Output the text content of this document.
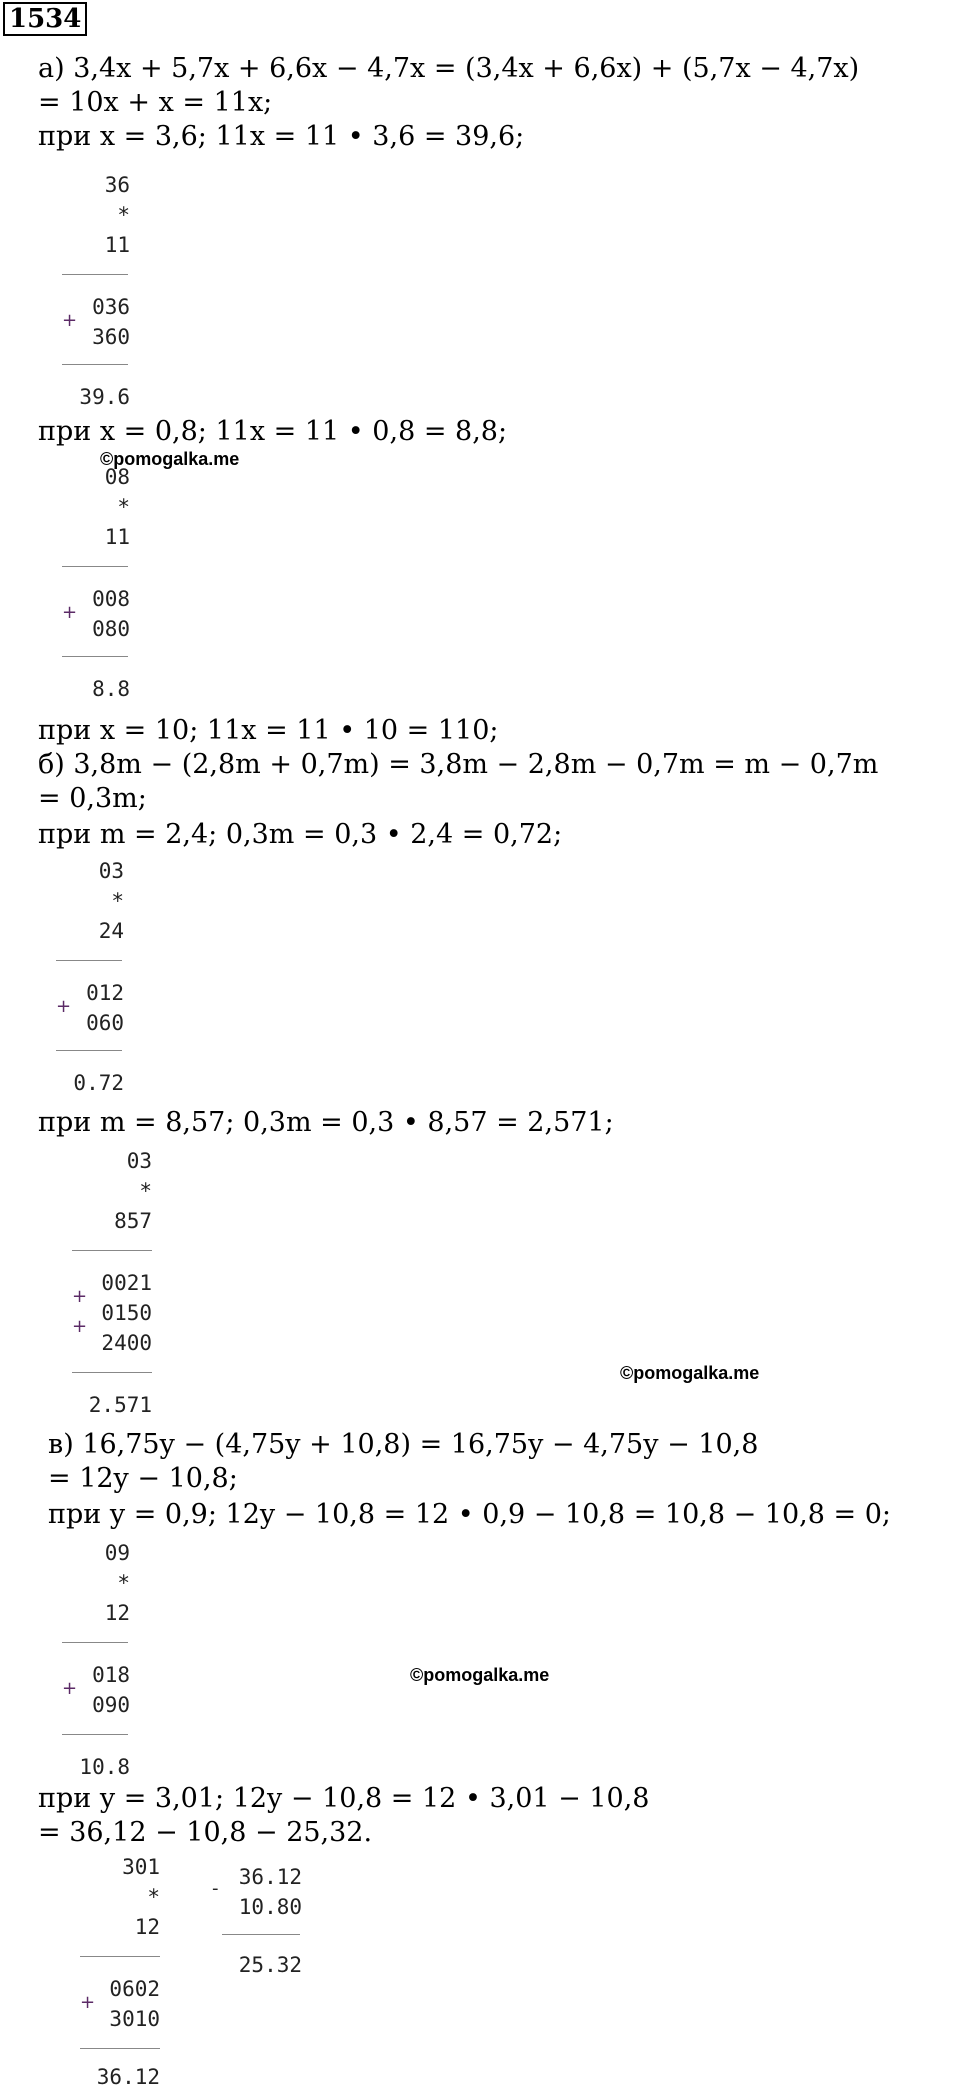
1534
а) 3,4x + 5,7x + 6,6x − 4,7x = (3,4x + 6,6x) + (5,7x − 4,7x)
= 10x + x = 11x;
при x = 3,6; 11x = 11 • 3,6 = 39,6;
36
*
11
036
360
+
39.6
при x = 0,8; 11x = 11 • 0,8 = 8,8;
©pomogalka.me
08
*
11
008
080
+
8.8
при x = 10; 11x = 11 • 10 = 110;
б) 3,8m − (2,8m + 0,7m) = 3,8m − 2,8m − 0,7m = m − 0,7m
= 0,3m;
при m = 2,4; 0,3m = 0,3 • 2,4 = 0,72;
03
*
24
012
060
+
0.72
при m = 8,57; 0,3m = 0,3 • 8,57 = 2,571;
03
*
857
0021
0150
2400
+
+
©pomogalka.me
2.571
в) 16,75y − (4,75y + 10,8) = 16,75y − 4,75y − 10,8
= 12y − 10,8;
при y = 0,9; 12y − 10,8 = 12 • 0,9 − 10,8 = 10,8 − 10,8 = 0;
09
*
12
018
090
+
©pomogalka.me
10.8
при y = 3,01; 12y − 10,8 = 12 • 3,01 − 10,8
= 36,12 − 10,8 − 25,32.
301
*
12
0602
3010
+
36.12
- 36.12
10.80
25.32
